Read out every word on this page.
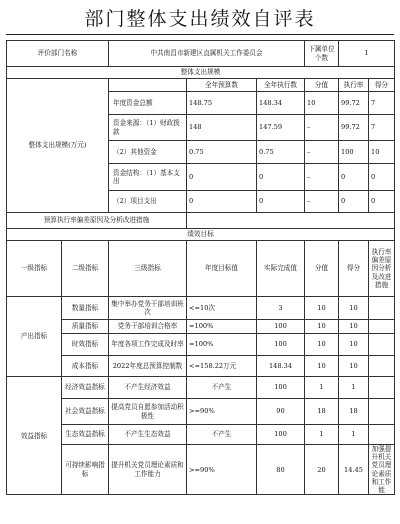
部门整体支出绩效自评表
评价部门名称		中共南昌市新建区直属机关工作委员会			下属单位个数	1	
整体支出规模							
整体支出规模(万元)			全年预算数	全年执行数	分值	执行率	得分
		年度资金总额	148.75	148.34	10	99.72	7
		资金来源：（1）财政拨款	148	147.59	–	99.72	7
		（2）其他资金	0.75	0.75	–	100	10
		资金结构：（1）基本支出	0	0	–	0	0
		（2）项目支出	0	0	–	0	0
预算执行率偏差原因及分析改进措施							
绩效目标							
一级指标	二级指标	三级指标	年度目标值	实际完成值	分值	得分	执行率偏差原因分析及改进措施
产出指标	数量指标	集中举办党务干部培训班次	<=10次	3	10	10	
	质量指标	党务干部培训合格率	=100%	100	10	10	
	时效指标	年度各项工作完成及时率	=100%	100	10	10	
	成本指标	2022年度总预算控制数	<=158.22万元	148.34	10	10	
效益指标	经济效益指标	不产生经济效益	不产生	100	1	1	
	社会效益指标	提高党员自愿参加活动积极性	>=90%	90	18	18	
	生态效益指标	不产生生态效益	不产生	100	1	1	
	可持续影响指标	提升机关党员理论素质和工作能力	>=90%	80	20	14.45	加强提升机关党员理论素质和工作能
